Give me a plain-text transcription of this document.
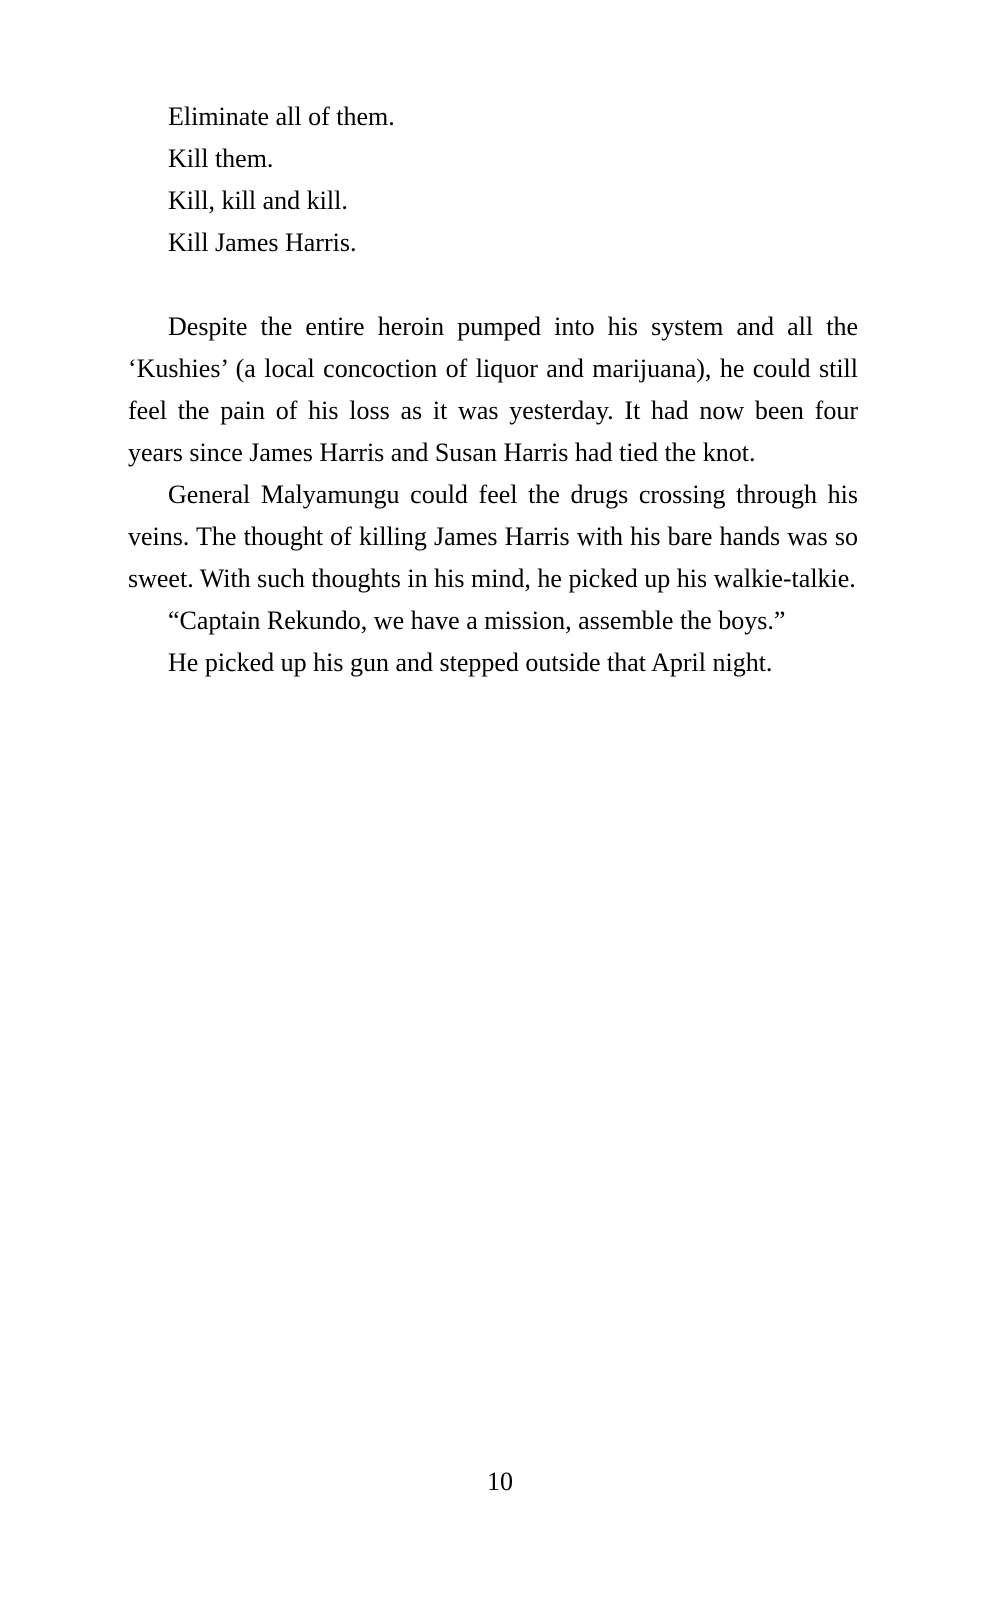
Eliminate all of them.

Kill them.

Kill, kill and kill.

Kill James Harris.

Despite the entire heroin pumped into his system and all the ‘Kushies’ (a local concoction of liquor and marijuana), he could still feel the pain of his loss as it was yesterday. It had now been four years since James Harris and Susan Harris had tied the knot.

General Malyamungu could feel the drugs crossing through his veins. The thought of killing James Harris with his bare hands was so sweet. With such thoughts in his mind, he picked up his walkie-talkie.

“Captain Rekundo, we have a mission, assemble the boys.”

He picked up his gun and stepped outside that April night.

10
